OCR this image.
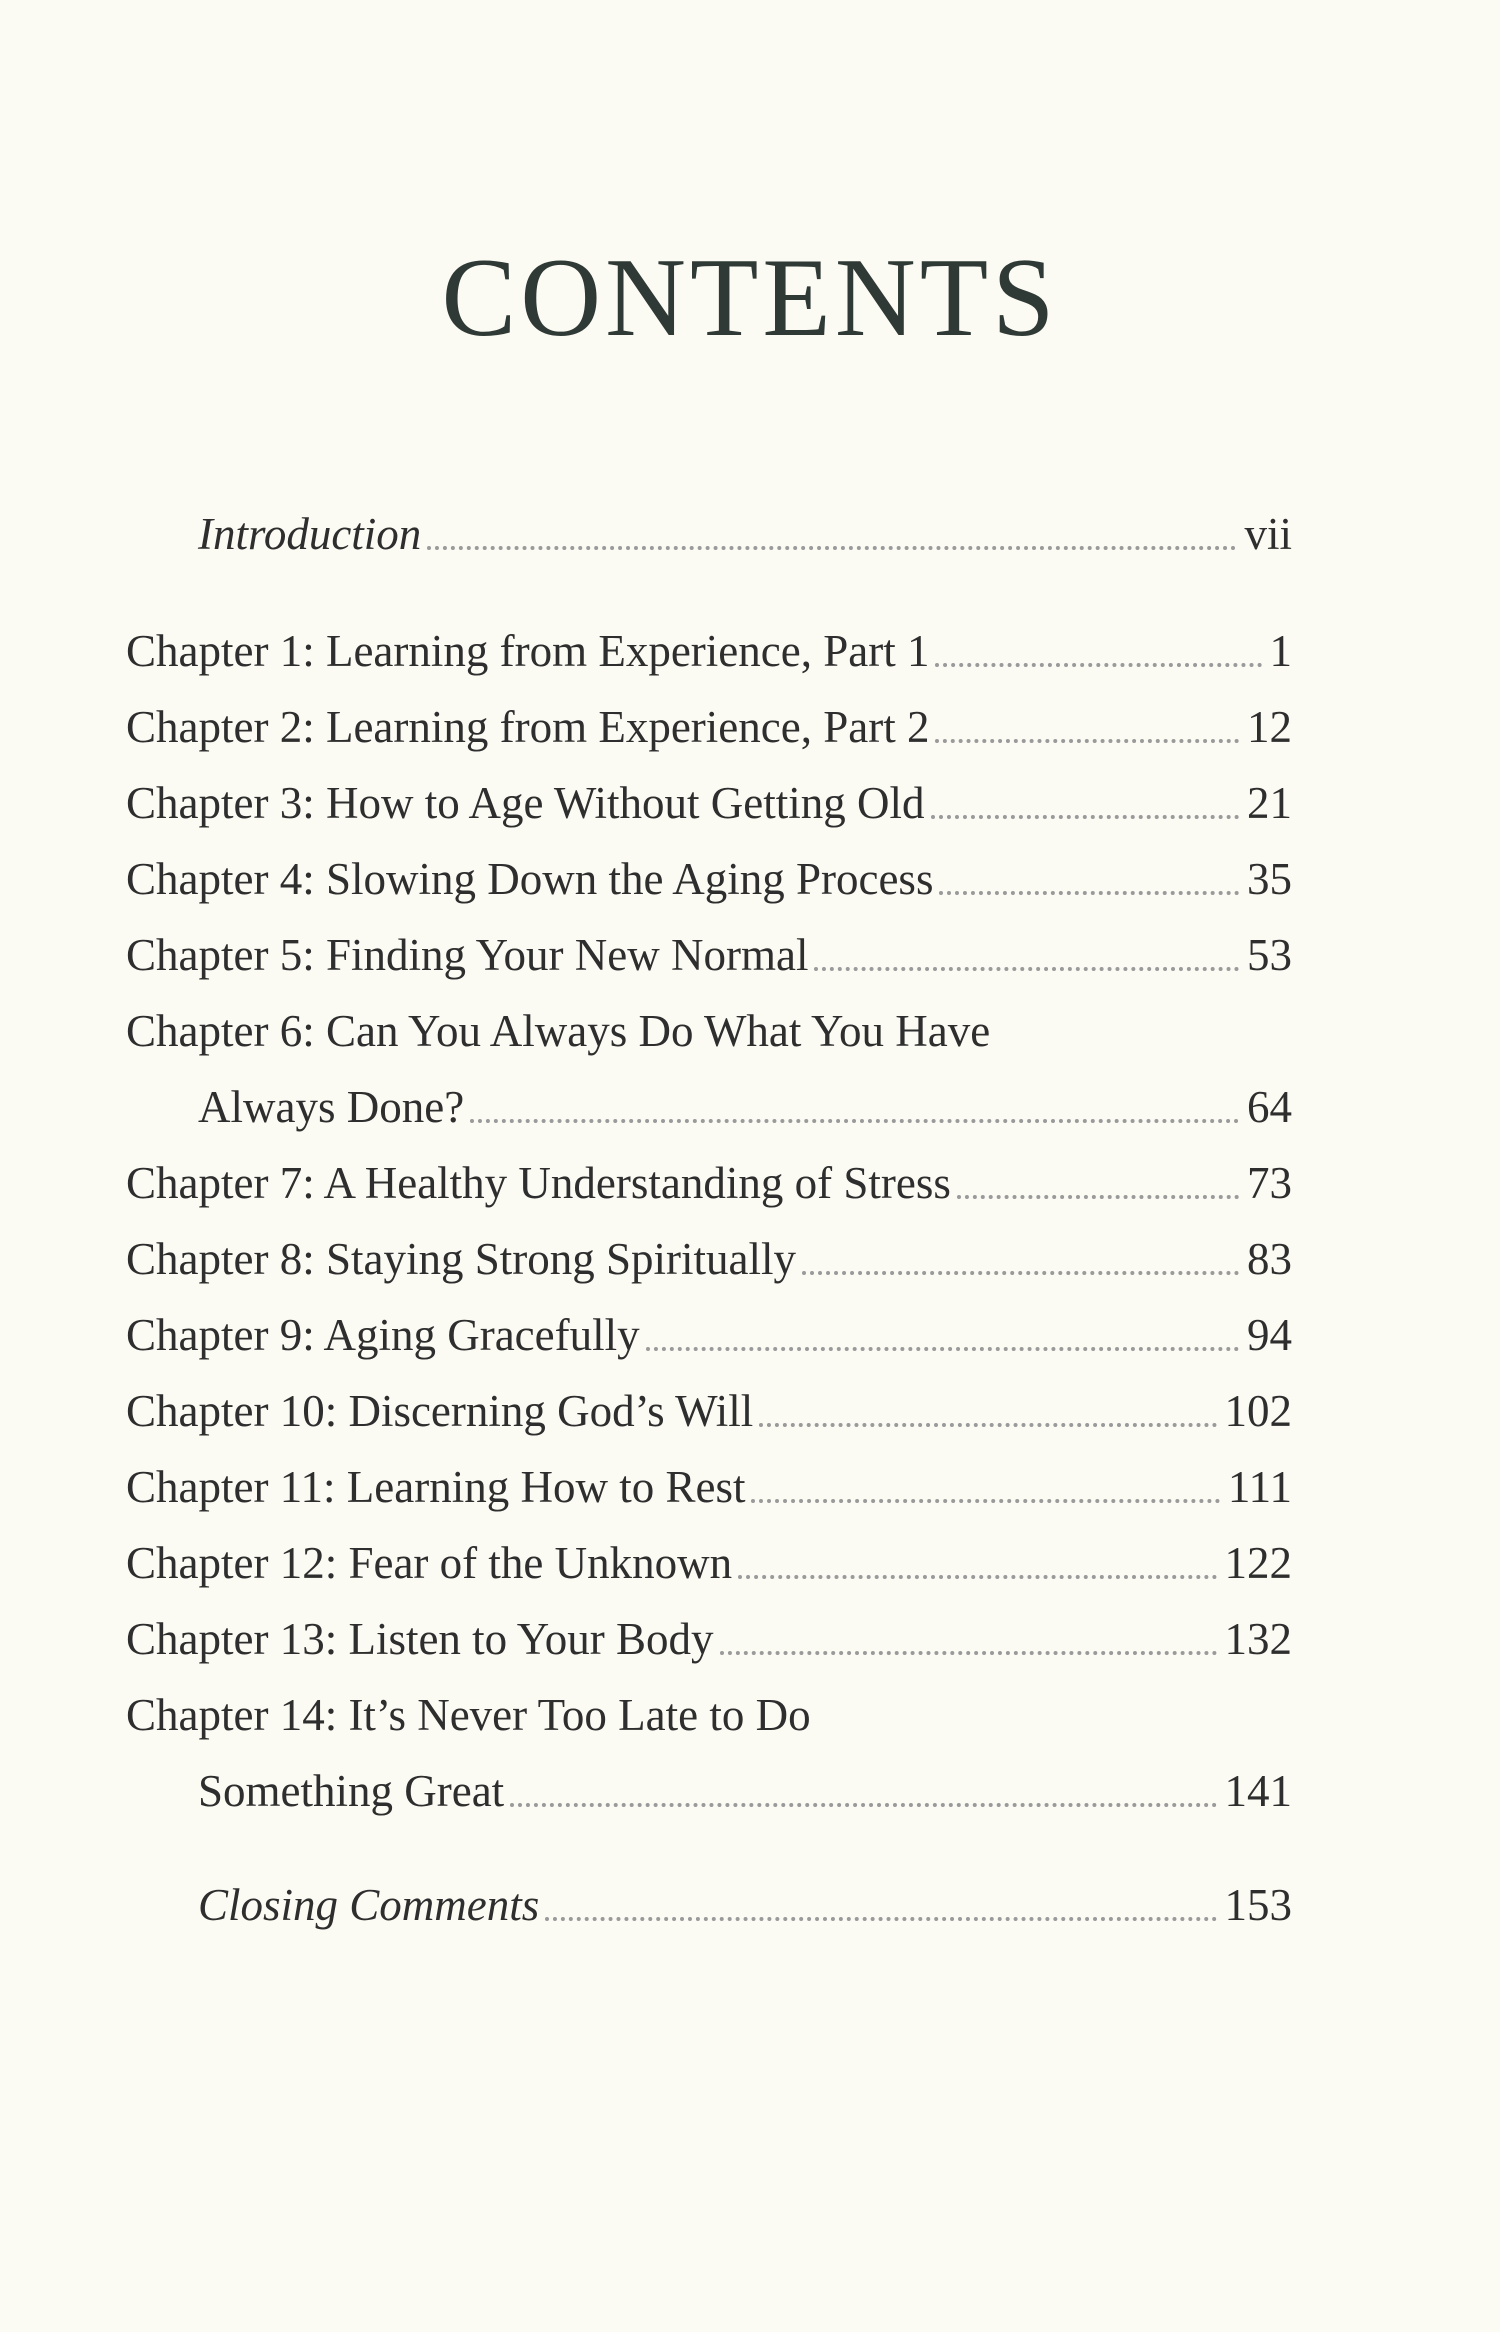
CONTENTS
Introduction	vii
Chapter 1: Learning from Experience, Part 1	1
Chapter 2: Learning from Experience, Part 2	12
Chapter 3: How to Age Without Getting Old	21
Chapter 4: Slowing Down the Aging Process	35
Chapter 5: Finding Your New Normal	53
Chapter 6: Can You Always Do What You Have
Always Done?	64
Chapter 7: A Healthy Understanding of Stress	73
Chapter 8: Staying Strong Spiritually	83
Chapter 9: Aging Gracefully	94
Chapter 10: Discerning God’s Will	102
Chapter 11: Learning How to Rest	111
Chapter 12: Fear of the Unknown	122
Chapter 13: Listen to Your Body	132
Chapter 14: It’s Never Too Late to Do
Something Great	141
Closing Comments	153
